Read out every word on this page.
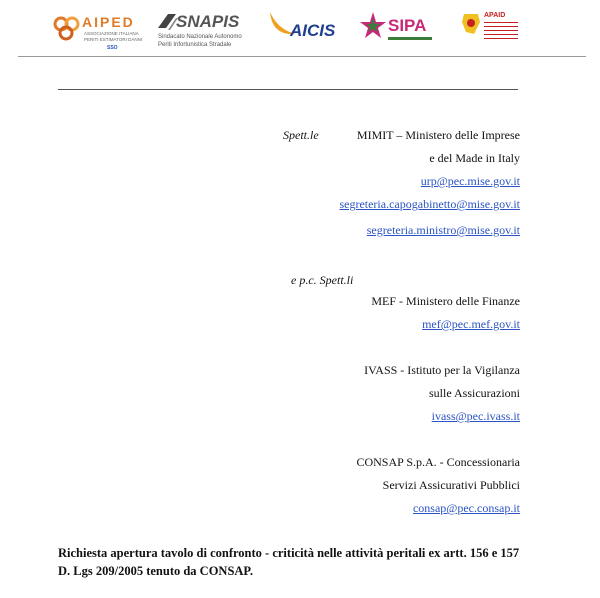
AIPED
ASSOCIAZIONE ITALIANA
PERITI ESTIMATORI DANNI
SSO
SNAPIS
Sindacato Nazionale Autonomo
Periti Infortunistica Stradale
AICIS	SIPA
APAID
Spett.le	MIMIT – Ministero delle Imprese
e del Made in Italy
urp@pec.mise.gov.it
segreteria.capogabinetto@mise.gov.it
segreteria.ministro@mise.gov.it
e p.c. Spett.li
MEF - Ministero delle Finanze
mef@pec.mef.gov.it
IVASS - Istituto per la Vigilanza
sulle Assicurazioni
ivass@pec.ivass.it
CONSAP S.p.A. - Concessionaria
Servizi Assicurativi Pubblici
consap@pec.consap.it
Richiesta apertura tavolo di confronto - criticità nelle attività peritali ex artt. 156 e 157 D. Lgs 209/2005 tenuto da CONSAP.
